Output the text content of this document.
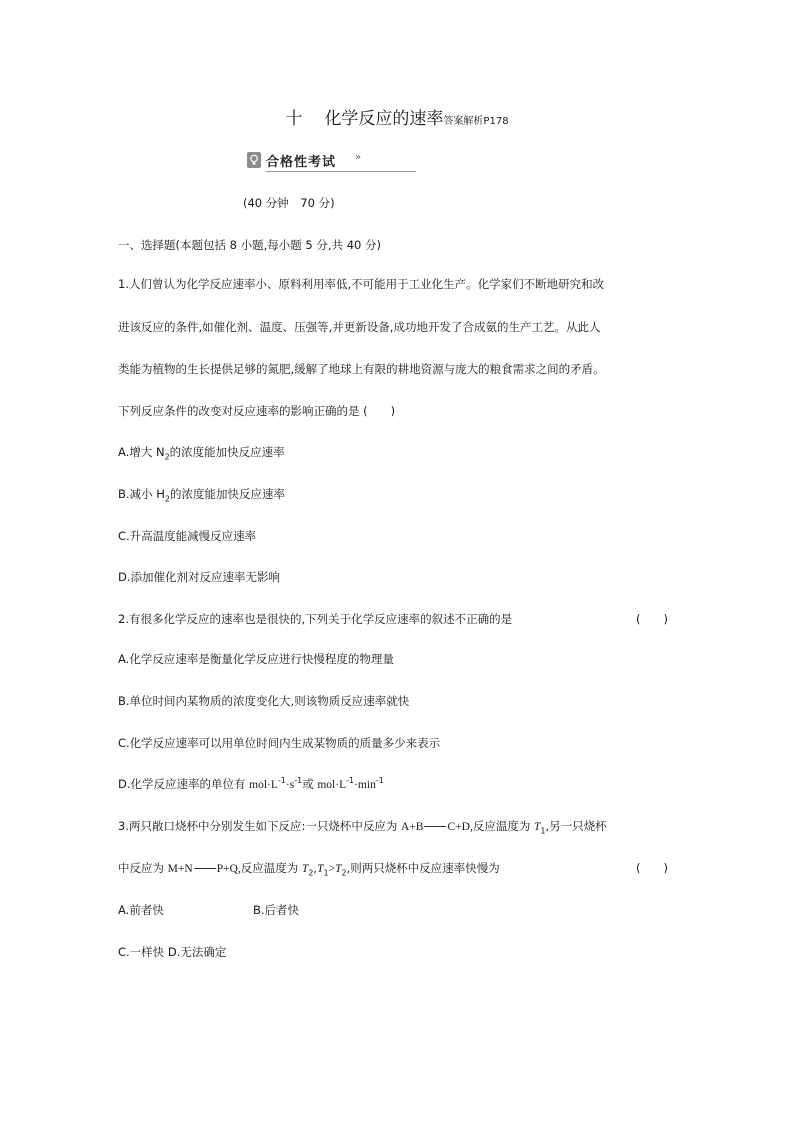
十 化学反应的速率答案解析P178
合格性考试 »
(40 分钟　70 分)
一、选择题(本题包括 8 小题,每小题 5 分,共 40 分)
1.人们曾认为化学反应速率小、原料利用率低,不可能用于工业化生产。化学家们不断地研究和改
进该反应的条件,如催化剂、温度、压强等,并更新设备,成功地开发了合成氨的生产工艺。从此人
类能为植物的生长提供足够的氮肥,缓解了地球上有限的耕地资源与庞大的粮食需求之间的矛盾。
下列反应条件的改变对反应速率的影响正确的是 (　　)
A.增大 $N_2$的浓度能加快反应速率
B.减小 $H_2$的浓度能加快反应速率
C.升高温度能减慢反应速率
D.添加催化剂对反应速率无影响
2.有很多化学反应的速率也是很快的,下列关于化学反应速率的叙述不正确的是	(　　)
A.化学反应速率是衡量化学反应进行快慢程度的物理量
B.单位时间内某物质的浓度变化大,则该物质反应速率就快
C.化学反应速率可以用单位时间内生成某物质的质量多少来表示
D.化学反应速率的单位有 $mol\cdot L^{-1}\cdot s^{-1}$或 $mol\cdot L^{-1}\cdot\min^{-1}$
3.两只敞口烧杯中分别发生如下反应:一只烧杯中反应为 A+B C+D,反应温度为 $T_1$,另一只烧杯
中反应为 M+N P+Q,反应温度为 $T_2,T_1>T_2$,则两只烧杯中反应速率快慢为	(　　)
A.前者快	B.后者快
C.一样快 D.无法确定
